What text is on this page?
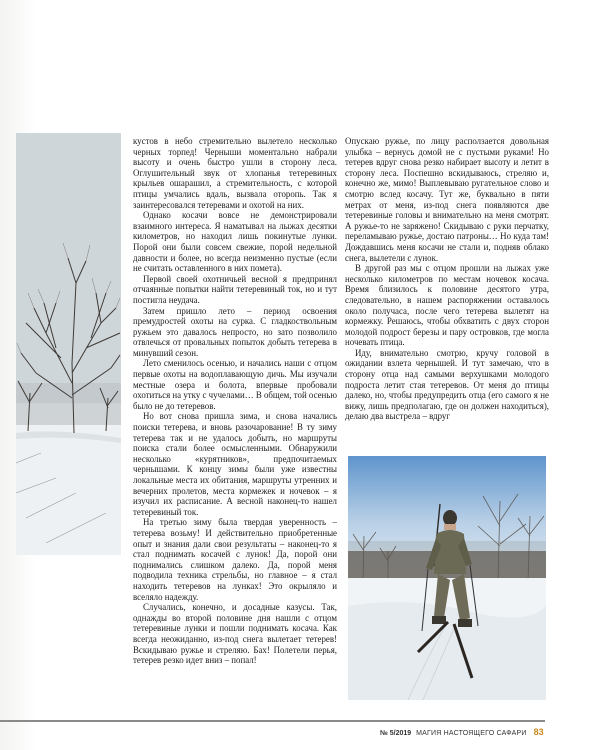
кустов в небо стремительно вылетело несколько черных торпед! Черныши моментально набрали высоту и очень быстро ушли в сторону леса. Оглушительный звук от хлопанья тетеревиных крыльев ошарашил, а стремительность, с которой птицы умчались вдаль, вызвала оторопь. Так я заинтересовался тетеревами и охотой на них.

Однако косачи вовсе не демонстрировали взаимного интереса. Я наматывал на лыжах десятки километров, но находил лишь покинутые лунки. Порой они были совсем свежие, порой недельной давности и более, но всегда неизменно пустые (если не считать оставленного в них помета).

Первой своей охотничьей весной я предпринял отчаянные попытки найти тетеревиный ток, но и тут постигла неудача.

Затем пришло лето – период освоения премудростей охоты на сурка. С гладкоствольным ружьем это давалось непросто, но зато позволило отвлечься от провальных попыток добыть тетерева в минувший сезон.

Лето сменилось осенью, и начались наши с отцом первые охоты на водоплавающую дичь. Мы изучали местные озера и болота, впервые пробовали охотиться на утку с чучелами… В общем, той осенью было не до тетеревов.

Но вот снова пришла зима, и снова начались поиски тетерева, и вновь разочарование! В ту зиму тетерева так и не удалось добыть, но маршруты поиска стали более осмысленными. Обнаружили несколько «курятников», предпочитаемых чернышами. К концу зимы были уже известны локальные места их обитания, маршруты утренних и вечерних пролетов, места кормежек и ночевок – я изучил их расписание. А весной наконец-то нашел тетеревиный ток.

На третью зиму была твердая уверенность – тетерева возьму! И действительно приобретенные опыт и знания дали свои результаты – наконец-то я стал поднимать косачей с лунок! Да, порой они поднимались слишком далеко. Да, порой меня подводила техника стрельбы, но главное – я стал находить тетеревов на лунках! Это окрыляло и вселяло надежду.

Случались, конечно, и досадные казусы. Так, однажды во второй половине дня нашли с отцом тетеревиные лунки и пошли поднимать косача. Как всегда неожиданно, из-под снега вылетает тетерев! Вскидываю ружье и стреляю. Бах! Полетели перья, тетерев резко идет вниз – попал!

Опускаю ружье, по лицу расползается довольная улыбка – вернусь домой не с пустыми руками! Но тетерев вдруг снова резко набирает высоту и летит в сторону леса. Поспешно вскидываюсь, стреляю и, конечно же, мимо! Выплевываю ругательное слово и смотрю вслед косачу. Тут же, буквально в пяти метрах от меня, из-под снега появляются две тетеревиные головы и внимательно на меня смотрят. А ружье-то не заряжено! Скидываю с руки перчатку, переламываю ружье, достаю патроны… Но куда там! Дождавшись меня косачи не стали и, подняв облако снега, вылетели с лунок.

В другой раз мы с отцом прошли на лыжах уже несколько километров по местам ночевок косача. Время близилось к половине десятого утра, следовательно, в нашем распоряжении оставалось около получаса, после чего тетерева вылетят на кормежку. Решаюсь, чтобы обхватить с двух сторон молодой подрост березы и пару островков, где могла ночевать птица.

Иду, внимательно смотрю, кручу головой в ожидании взлета чернышей. И тут замечаю, что в сторону отца над самыми верхушками молодого подроста летит стая тетеревов. От меня до птицы далеко, но, чтобы предупредить отца (его самого я не вижу, лишь предполагаю, где он должен находиться), делаю два выстрела – вдруг

№ 5/2019 МАГИЯ НАСТОЯЩЕГО САФАРИ 83
